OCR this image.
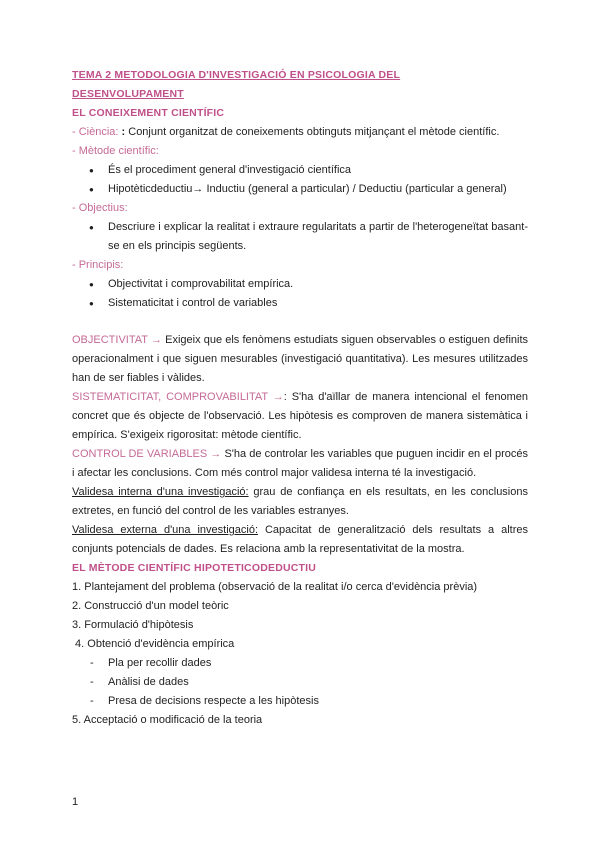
TEMA 2 METODOLOGIA D'INVESTIGACIÓ EN PSICOLOGIA DEL
DESENVOLUPAMENT
EL CONEIXEMENT CIENTÍFIC
- Ciència: : Conjunt organitzat de coneixements obtinguts mitjançant el mètode científic.
- Mètode científic:
● És el procediment general d'investigació científica
● Hipotèticdeductiu→ Inductiu (general a particular) / Deductiu (particular a general)
- Objectius:
● Descriure i explicar la realitat i extraure regularitats a partir de l'heterogeneïtat basant-se en els principis següents.
- Principis:
● Objectivitat i comprovabilitat empírica.
● Sistematicitat i control de variables
OBJECTIVITAT → Exigeix que els fenòmens estudiats siguen observables o estiguen definits operacionalment i que siguen mesurables (investigació quantitativa). Les mesures utilitzades han de ser fiables i vàlides.
SISTEMATICITAT, COMPROVABILITAT →: S'ha d'aïllar de manera intencional el fenomen concret que és objecte de l'observació. Les hipòtesis es comproven de manera sistemàtica i empírica. S'exigeix rigorositat: mètode científic.
CONTROL DE VARIABLES → S'ha de controlar les variables que puguen incidir en el procés i afectar les conclusions. Com més control major validesa interna té la investigació.
Validesa interna d'una investigació: grau de confiança en els resultats, en les conclusions extretes, en funció del control de les variables estranyes.
Validesa externa d'una investigació: Capacitat de generalització dels resultats a altres conjunts potencials de dades. Es relaciona amb la representativitat de la mostra.
EL MÈTODE CIENTÍFIC HIPOTETICODEDUCTIU
1. Plantejament del problema (observació de la realitat i/o cerca d'evidència prèvia)
2. Construcció d'un model teòric
3. Formulació d'hipòtesis
4. Obtenció d'evidència empírica
- Pla per recollir dades
- Anàlisi de dades
- Presa de decisions respecte a les hipòtesis
5. Acceptació o modificació de la teoria
1
